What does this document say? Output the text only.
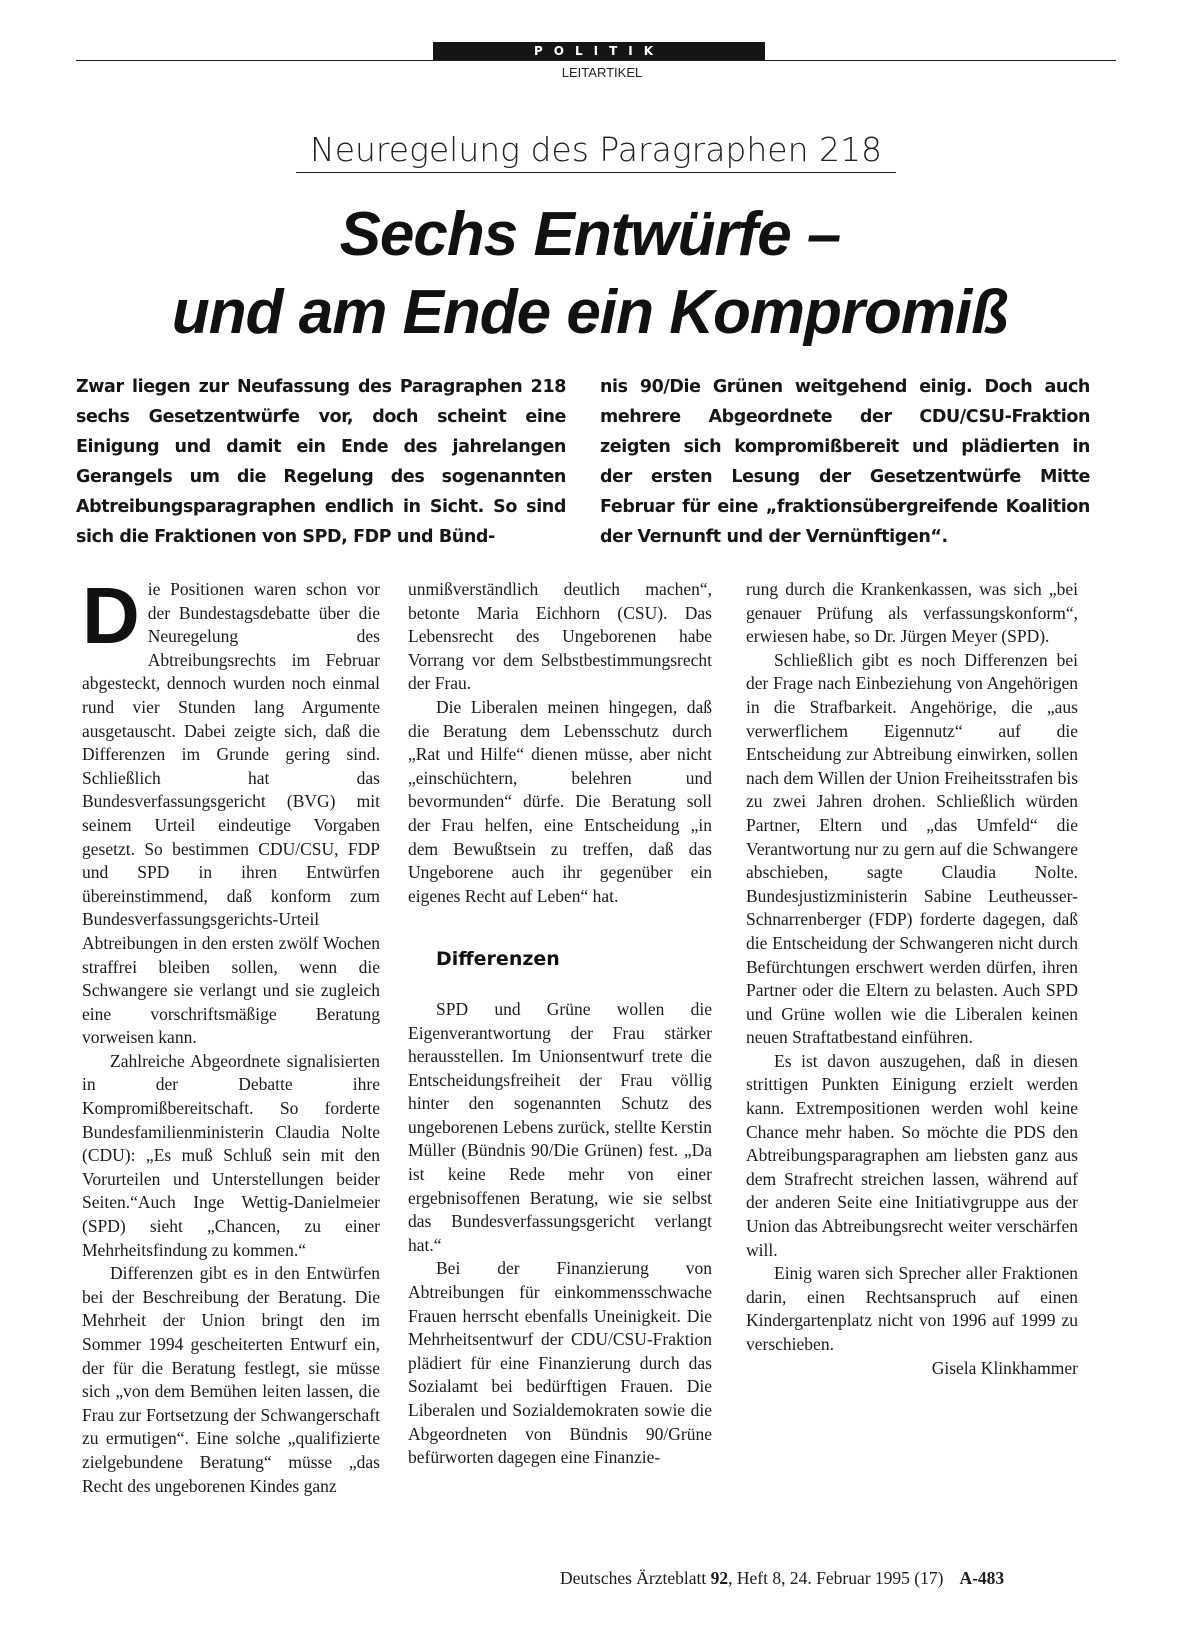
POLITIK
LEITARTIKEL
Neuregelung des Paragraphen 218
Sechs Entwürfe –
und am Ende ein Kompromiß
Zwar liegen zur Neufassung des Paragraphen 218 sechs Gesetzentwürfe vor, doch scheint eine Einigung und damit ein Ende des jahrelangen Gerangels um die Regelung des sogenannten Abtreibungsparagraphen endlich in Sicht. So sind sich die Fraktionen von SPD, FDP und Bünd-
nis 90/Die Grünen weitgehend einig. Doch auch mehrere Abgeordnete der CDU/CSU-Fraktion zeigten sich kompromißbereit und plädierten in der ersten Lesung der Gesetzentwürfe Mitte Februar für eine „fraktionsübergreifende Koalition der Vernunft und der Vernünftigen“.
D ie Positionen waren schon vor der Bundestagsdebatte über die Neuregelung des Abtreibungsrechts im Februar abgesteckt, dennoch wurden noch einmal rund vier Stunden lang Argumente ausgetauscht. Dabei zeigte sich, daß die Differenzen im Grunde gering sind. Schließlich hat das Bundesverfassungsgericht (BVG) mit seinem Urteil eindeutige Vorgaben gesetzt. So bestimmen CDU/CSU, FDP und SPD in ihren Entwürfen übereinstimmend, daß konform zum Bundesverfassungsgerichts-Urteil Abtreibungen in den ersten zwölf Wochen straffrei bleiben sollen, wenn die Schwangere sie verlangt und sie zugleich eine vorschriftsmäßige Beratung vorweisen kann.

Zahlreiche Abgeordnete signalisierten in der Debatte ihre Kompromißbereitschaft. So forderte Bundesfamilienministerin Claudia Nolte (CDU): „Es muß Schluß sein mit den Vorurteilen und Unterstellungen beider Seiten.“Auch Inge Wettig-Danielmeier (SPD) sieht „Chancen, zu einer Mehrheitsfindung zu kommen.“

Differenzen gibt es in den Entwürfen bei der Beschreibung der Beratung. Die Mehrheit der Union bringt den im Sommer 1994 gescheiterten Entwurf ein, der für die Beratung festlegt, sie müsse sich „von dem Bemühen leiten lassen, die Frau zur Fortsetzung der Schwangerschaft zu ermutigen“. Eine solche „qualifizierte zielgebundene Beratung“ müsse „das Recht des ungeborenen Kindes ganz

unmißverständlich deutlich machen“, betonte Maria Eichhorn (CSU). Das Lebensrecht des Ungeborenen habe Vorrang vor dem Selbstbestimmungsrecht der Frau.

Die Liberalen meinen hingegen, daß die Beratung dem Lebensschutz durch „Rat und Hilfe“ dienen müsse, aber nicht „einschüchtern, belehren und bevormunden“ dürfe. Die Beratung soll der Frau helfen, eine Entscheidung „in dem Bewußtsein zu treffen, daß das Ungeborene auch ihr gegenüber ein eigenes Recht auf Leben“ hat.

Differenzen

SPD und Grüne wollen die Eigenverantwortung der Frau stärker herausstellen. Im Unionsentwurf trete die Entscheidungsfreiheit der Frau völlig hinter den sogenannten Schutz des ungeborenen Lebens zurück, stellte Kerstin Müller (Bündnis 90/Die Grünen) fest. „Da ist keine Rede mehr von einer ergebnisoffenen Beratung, wie sie selbst das Bundesverfassungsgericht verlangt hat.“

Bei der Finanzierung von Abtreibungen für einkommensschwache Frauen herrscht ebenfalls Uneinigkeit. Die Mehrheitsentwurf der CDU/CSU-Fraktion plädiert für eine Finanzierung durch das Sozialamt bei bedürftigen Frauen. Die Liberalen und Sozialdemokraten sowie die Abgeordneten von Bündnis 90/Grüne befürworten dagegen eine Finanzie-

rung durch die Krankenkassen, was sich „bei genauer Prüfung als verfassungskonform“, erwiesen habe, so Dr. Jürgen Meyer (SPD).

Schließlich gibt es noch Differenzen bei der Frage nach Einbeziehung von Angehörigen in die Strafbarkeit. Angehörige, die „aus verwerflichem Eigennutz“ auf die Entscheidung zur Abtreibung einwirken, sollen nach dem Willen der Union Freiheitsstrafen bis zu zwei Jahren drohen. Schließlich würden Partner, Eltern und „das Umfeld“ die Verantwortung nur zu gern auf die Schwangere abschieben, sagte Claudia Nolte. Bundesjustizministerin Sabine Leutheusser-Schnarrenberger (FDP) forderte dagegen, daß die Entscheidung der Schwangeren nicht durch Befürchtungen erschwert werden dürfen, ihren Partner oder die Eltern zu belasten. Auch SPD und Grüne wollen wie die Liberalen keinen neuen Straftatbestand einführen.

Es ist davon auszugehen, daß in diesen strittigen Punkten Einigung erzielt werden kann. Extrempositionen werden wohl keine Chance mehr haben. So möchte die PDS den Abtreibungsparagraphen am liebsten ganz aus dem Strafrecht streichen lassen, während auf der anderen Seite eine Initiativgruppe aus der Union das Abtreibungsrecht weiter verschärfen will.

Einig waren sich Sprecher aller Fraktionen darin, einen Rechtsanspruch auf einen Kindergartenplatz nicht von 1996 auf 1999 zu verschieben.

Gisela Klinkhammer
Deutsches Ärzteblatt 92, Heft 8, 24. Februar 1995 (17) A-483
